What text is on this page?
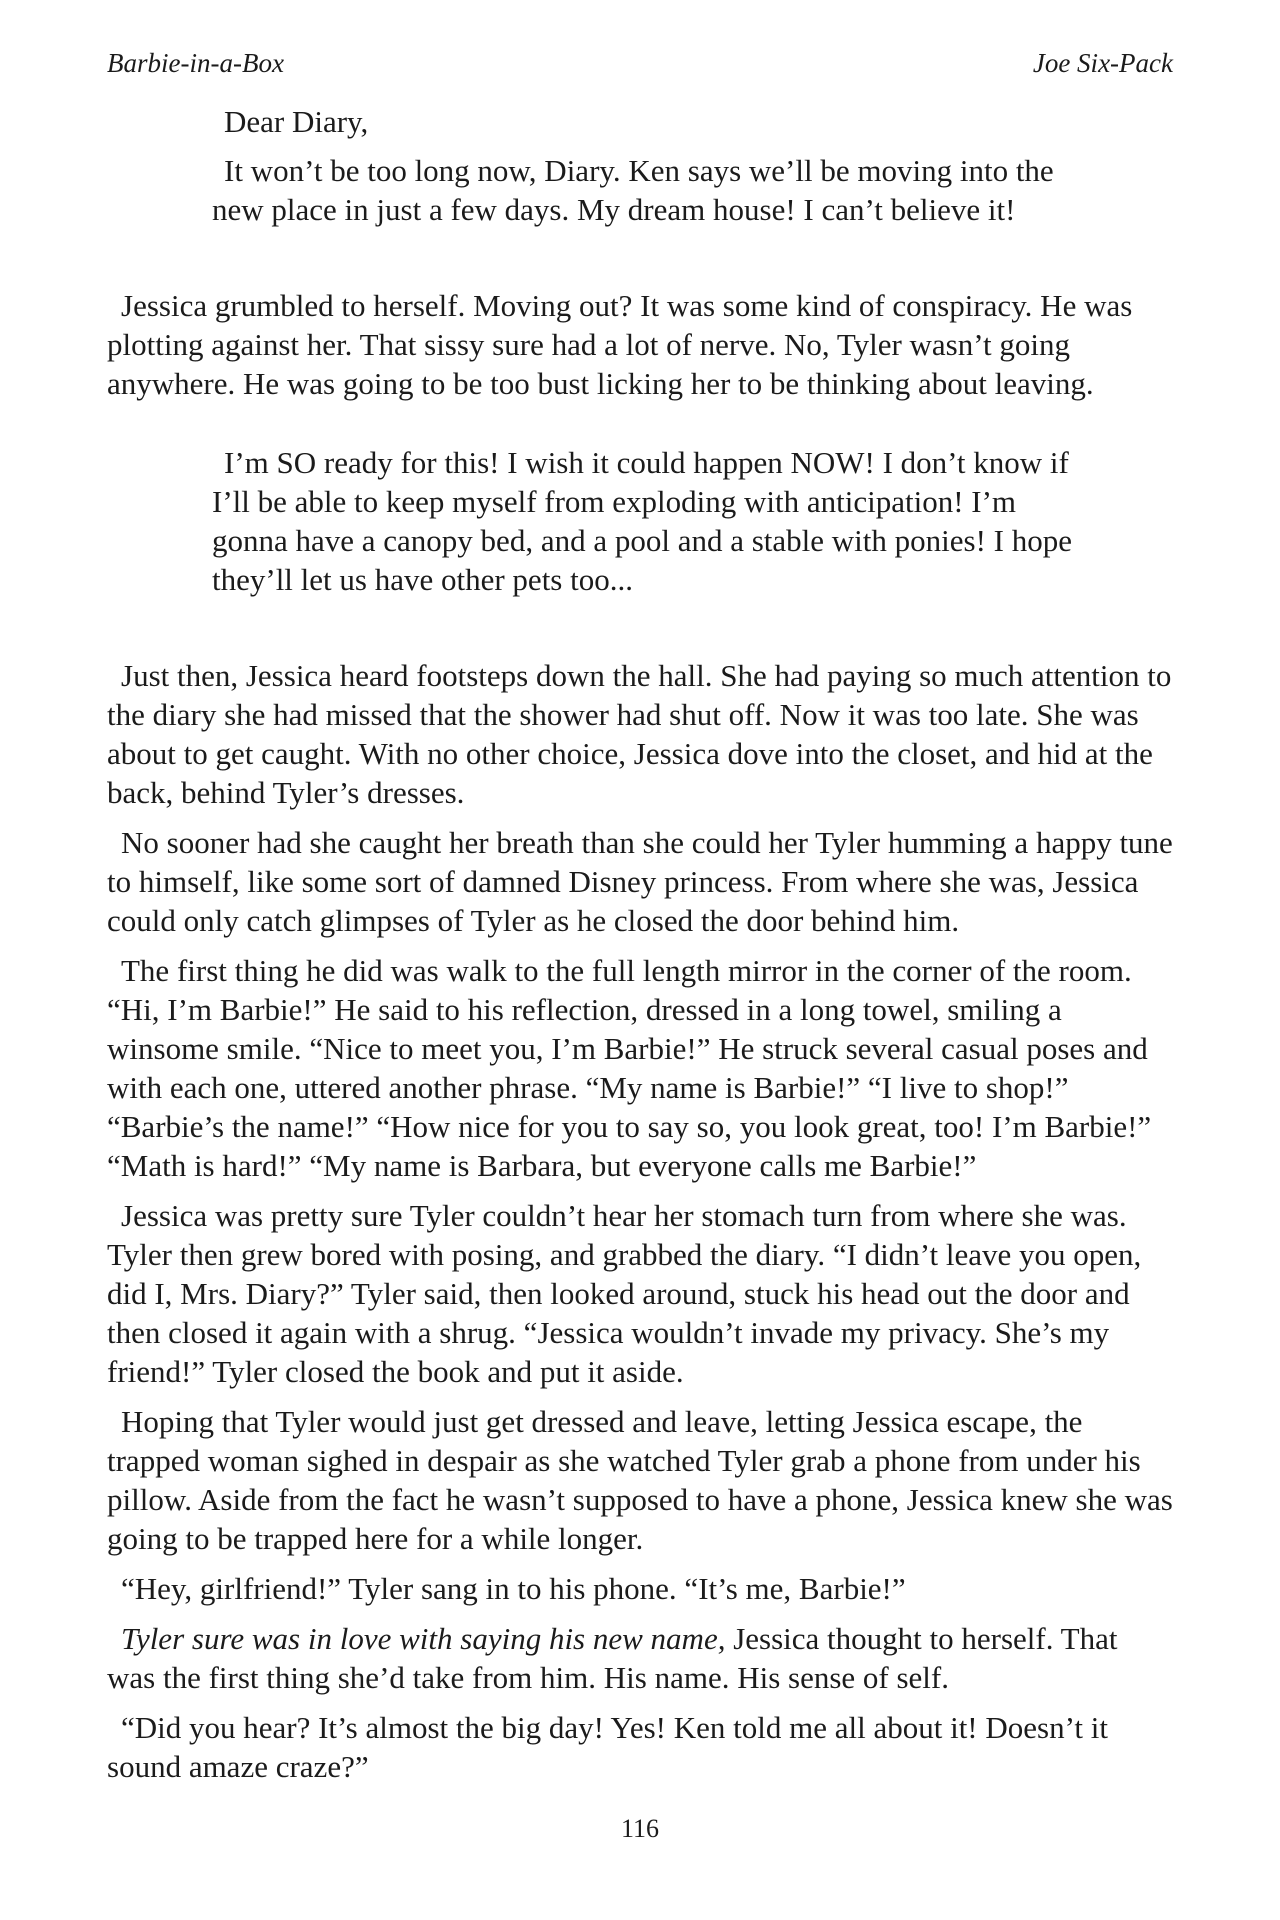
Barbie-in-a-Box	Joe Six-Pack

Dear Diary,

It won’t be too long now, Diary. Ken says we’ll be moving into the new place in just a few days. My dream house! I can’t believe it!

Jessica grumbled to herself. Moving out? It was some kind of conspiracy. He was plotting against her. That sissy sure had a lot of nerve. No, Tyler wasn’t going anywhere. He was going to be too bust licking her to be thinking about leaving.

I’m SO ready for this! I wish it could happen NOW! I don’t know if I’ll be able to keep myself from exploding with anticipation! I’m gonna have a canopy bed, and a pool and a stable with ponies! I hope they’ll let us have other pets too...

Just then, Jessica heard footsteps down the hall. She had paying so much attention to the diary she had missed that the shower had shut off. Now it was too late. She was about to get caught. With no other choice, Jessica dove into the closet, and hid at the back, behind Tyler’s dresses.

No sooner had she caught her breath than she could her Tyler humming a happy tune to himself, like some sort of damned Disney princess. From where she was, Jessica could only catch glimpses of Tyler as he closed the door behind him.

The first thing he did was walk to the full length mirror in the corner of the room. “Hi, I’m Barbie!” He said to his reflection, dressed in a long towel, smiling a winsome smile. “Nice to meet you, I’m Barbie!” He struck several casual poses and with each one, uttered another phrase. “My name is Barbie!” “I live to shop!” “Barbie’s the name!” “How nice for you to say so, you look great, too! I’m Barbie!” “Math is hard!” “My name is Barbara, but everyone calls me Barbie!”

Jessica was pretty sure Tyler couldn’t hear her stomach turn from where she was. Tyler then grew bored with posing, and grabbed the diary. “I didn’t leave you open, did I, Mrs. Diary?” Tyler said, then looked around, stuck his head out the door and then closed it again with a shrug. “Jessica wouldn’t invade my privacy. She’s my friend!” Tyler closed the book and put it aside.

Hoping that Tyler would just get dressed and leave, letting Jessica escape, the trapped woman sighed in despair as she watched Tyler grab a phone from under his pillow. Aside from the fact he wasn’t supposed to have a phone, Jessica knew she was going to be trapped here for a while longer.

“Hey, girlfriend!” Tyler sang in to his phone. “It’s me, Barbie!”

Tyler sure was in love with saying his new name, Jessica thought to herself. That was the first thing she’d take from him. His name. His sense of self.

“Did you hear? It’s almost the big day! Yes! Ken told me all about it! Doesn’t it sound amaze craze?”

116
